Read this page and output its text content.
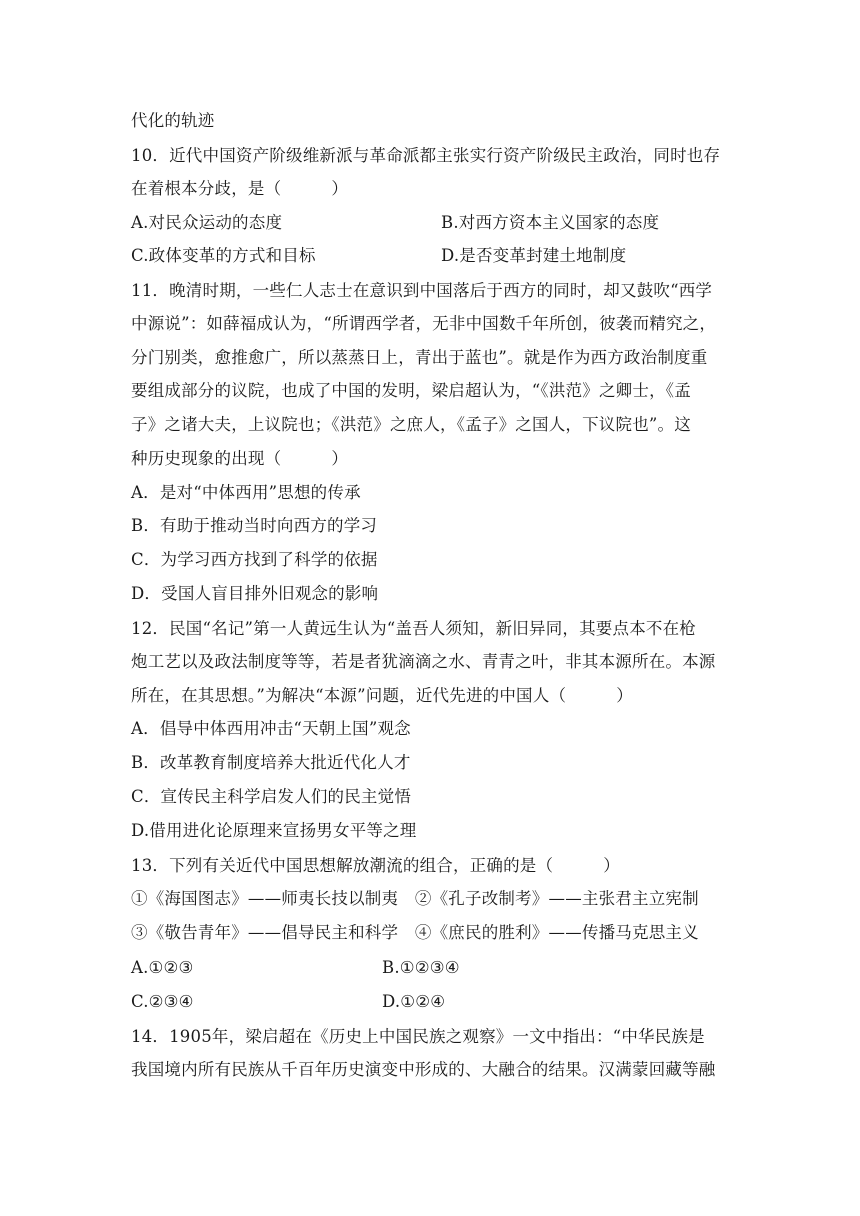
代化的轨迹
10．近代中国资产阶级维新派与革命派都主张实行资产阶级民主政治，同时也存
在着根本分歧，是（　　　）
A.对民众运动的态度	B.对西方资本主义国家的态度
C.政体变革的方式和目标	D.是否变革封建土地制度
11．晚清时期，一些仁人志士在意识到中国落后于西方的同时，却又鼓吹“西学
中源说”：如薛福成认为，“所谓西学者，无非中国数千年所创，彼袭而精究之，
分门别类，愈推愈广，所以蒸蒸日上，青出于蓝也”。就是作为西方政治制度重
要组成部分的议院，也成了中国的发明，梁启超认为，“《洪范》之卿士，《孟
子》之诸大夫，上议院也；《洪范》之庶人，《孟子》之国人，下议院也”。这
种历史现象的出现（　　　）
A．是对“中体西用”思想的传承
B．有助于推动当时向西方的学习
C．为学习西方找到了科学的依据
D．受国人盲目排外旧观念的影响
12．民国“名记”第一人黄远生认为“盖吾人须知，新旧异同，其要点本不在枪
炮工艺以及政法制度等等，若是者犹滴滴之水、青青之叶，非其本源所在。本源
所在，在其思想。”为解决“本源”问题，近代先进的中国人（　　　）
A．倡导中体西用冲击“天朝上国”观念
B．改革教育制度培养大批近代化人才
C．宣传民主科学启发人们的民主觉悟
D.借用进化论原理来宣扬男女平等之理
13．下列有关近代中国思想解放潮流的组合，正确的是（　　　）
①《海国图志》——师夷长技以制夷　②《孔子改制考》——主张君主立宪制
③《敬告青年》——倡导民主和科学　④《庶民的胜利》——传播马克思主义
A.①②③	B.①②③④
C.②③④	D.①②④
14．1905年，梁启超在《历史上中国民族之观察》一文中指出：“中华民族是
我国境内所有民族从千百年历史演变中形成的、大融合的结果。汉满蒙回藏等融
